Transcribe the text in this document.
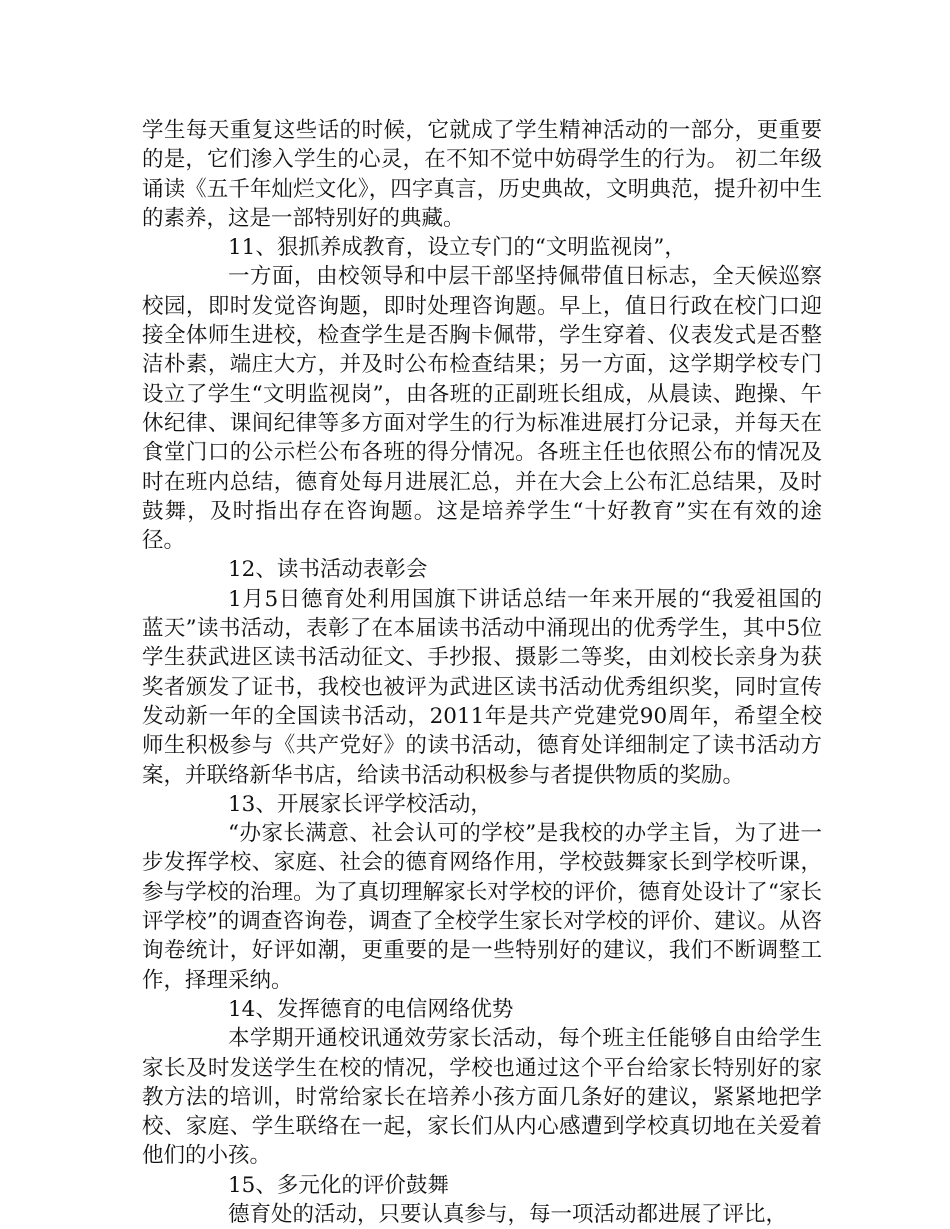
学生每天重复这些话的时候，它就成了学生精神活动的一部分，更重要的是，它们渗入学生的心灵，在不知不觉中妨碍学生的行为。 初二年级诵读《五千年灿烂文化》，四字真言，历史典故，文明典范，提升初中生的素养，这是一部特别好的典藏。

11、狠抓养成教育，设立专门的“文明监视岗”，

一方面，由校领导和中层干部坚持佩带值日标志，全天候巡察校园，即时发觉咨询题，即时处理咨询题。早上，值日行政在校门口迎接全体师生进校，检查学生是否胸卡佩带，学生穿着、仪表发式是否整洁朴素，端庄大方，并及时公布检查结果；另一方面，这学期学校专门设立了学生“文明监视岗”，由各班的正副班长组成，从晨读、跑操、午休纪律、课间纪律等多方面对学生的行为标准进展打分记录，并每天在食堂门口的公示栏公布各班的得分情况。各班主任也依照公布的情况及时在班内总结，德育处每月进展汇总，并在大会上公布汇总结果，及时鼓舞，及时指出存在咨询题。这是培养学生“十好教育”实在有效的途径。

12、读书活动表彰会

1月5日德育处利用国旗下讲话总结一年来开展的“我爱祖国的蓝天”读书活动，表彰了在本届读书活动中涌现出的优秀学生，其中5位学生获武进区读书活动征文、手抄报、摄影二等奖，由刘校长亲身为获奖者颁发了证书，我校也被评为武进区读书活动优秀组织奖，同时宣传发动新一年的全国读书活动，2011年是共产党建党90周年，希望全校师生积极参与《共产党好》的读书活动，德育处详细制定了读书活动方案，并联络新华书店，给读书活动积极参与者提供物质的奖励。

13、开展家长评学校活动，

“办家长满意、社会认可的学校”是我校的办学主旨，为了进一步发挥学校、家庭、社会的德育网络作用，学校鼓舞家长到学校听课，参与学校的治理。为了真切理解家长对学校的评价，德育处设计了“家长评学校”的调查咨询卷，调查了全校学生家长对学校的评价、建议。从咨询卷统计，好评如潮，更重要的是一些特别好的建议，我们不断调整工作，择理采纳。

14、发挥德育的电信网络优势

本学期开通校讯通效劳家长活动，每个班主任能够自由给学生家长及时发送学生在校的情况，学校也通过这个平台给家长特别好的家教方法的培训，时常给家长在培养小孩方面几条好的建议，紧紧地把学校、家庭、学生联络在一起，家长们从内心感遭到学校真切地在关爱着他们的小孩。

15、多元化的评价鼓舞

德育处的活动，只要认真参与，每一项活动都进展了评比，
